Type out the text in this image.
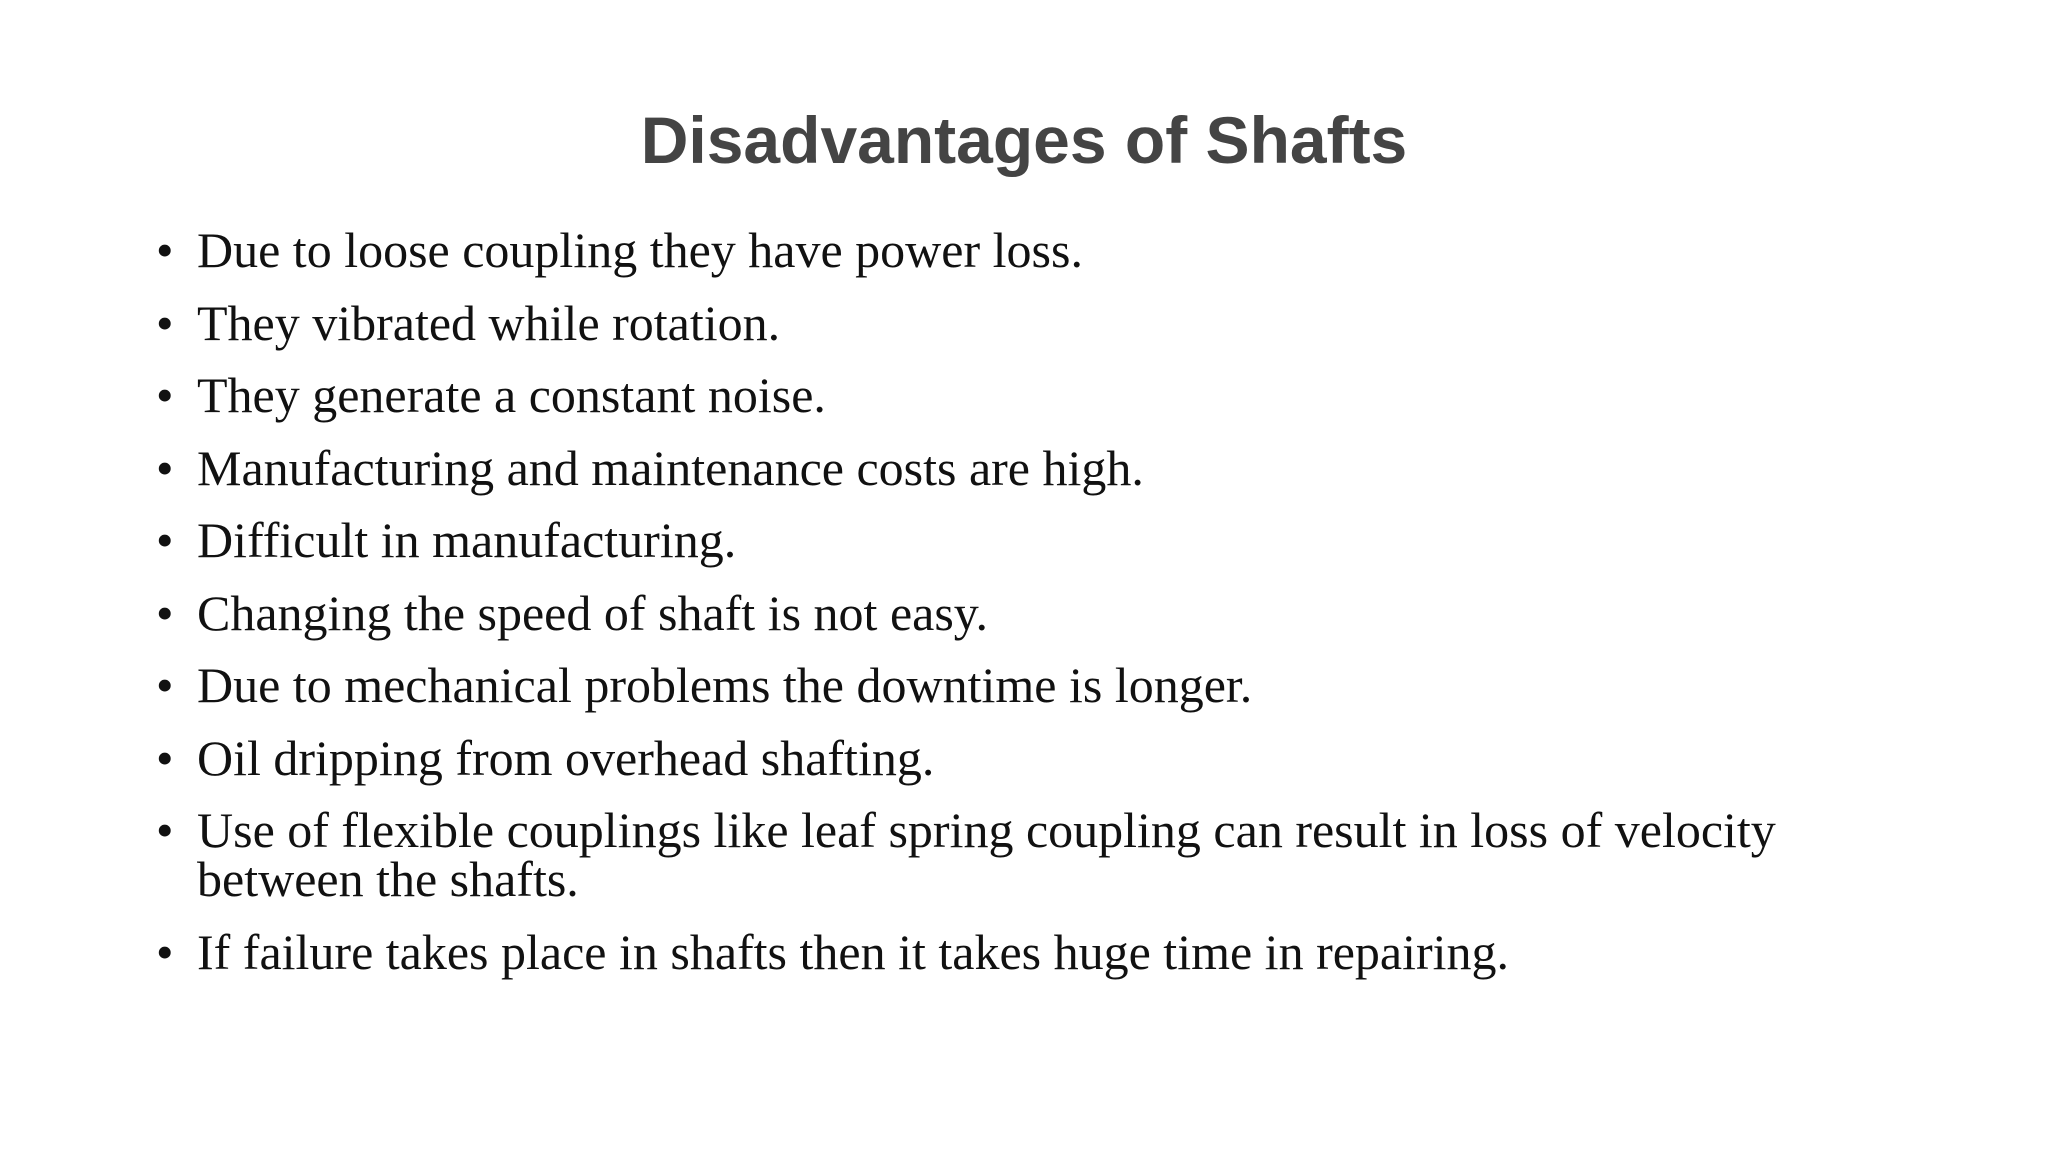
Disadvantages of Shafts
• Due to loose coupling they have power loss.
• They vibrated while rotation.
• They generate a constant noise.
• Manufacturing and maintenance costs are high.
• Difficult in manufacturing.
• Changing the speed of shaft is not easy.
• Due to mechanical problems the downtime is longer.
• Oil dripping from overhead shafting.
• Use of flexible couplings like leaf spring coupling can result in loss of velocity between the shafts.
• If failure takes place in shafts then it takes huge time in repairing.
